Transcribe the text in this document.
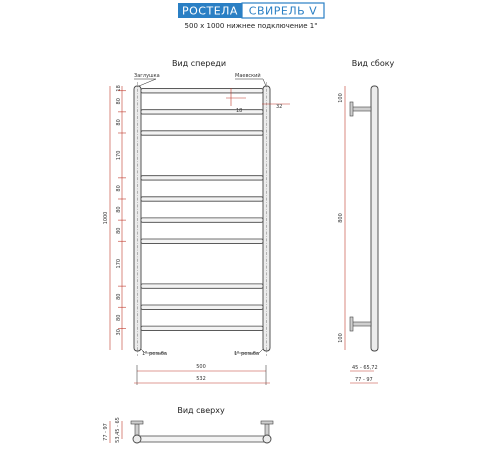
РОСТЕЛА СВИРЕЛЬ V
500 х 1000 нижнее подключение 1"
Вид спереди
Заглушка	Маевский
18
32
1000
18
80
80
170
80
80
80
170
80
80
30
1" резьба	1" резьба
500
532
Вид сбоку
100
800
100
45 - 65,72
77 - 97
Вид сверху
77 - 97 53,45 - 65
